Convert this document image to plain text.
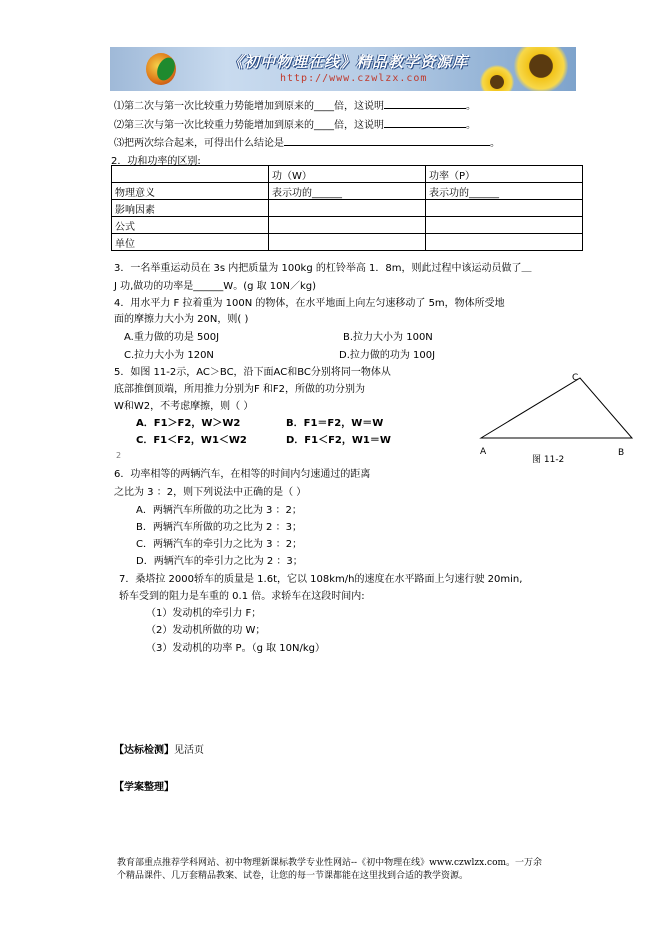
《初中物理在线》精品教学资源库
http://www.czwlzx.com
⑴第二次与第一次比较重力势能增加到原来的____倍，这说明	。
⑵第三次与第一次比较重力势能增加到原来的____倍，这说明	。
⑶把两次综合起来，可得出什么结论是	。
2．功和功率的区别:
	功（W）	功率（P）
物理意义	表示功的______	表示功的______
影响因素		
公式		
单位		
3．一名举重运动员在 3s 内把质量为 100kg 的杠铃举高 1．8m，则此过程中该运动员做了＿
J 功,做功的功率是______W。(g 取 10N／kg)
4．用水平力 F 拉着重为 100N 的物体，在水平地面上向左匀速移动了 5m，物体所受地
面的摩擦力大小为 20N，则( )
A.重力做的功是 500J	B.拉力大小为 100N
C.拉力大小为 120N	D.拉力做的功为 100J
5．如图 11-2示，AC＞BC，沿下面AC和BC分别将同一物体从
底部推倒顶端，所用推力分别为F 和F2，所做的功分别为
W和W2，不考虑摩擦，则（ ）
A．F1＞F2，W＞W2	B．F1＝F2，W＝W
C．F1＜F2，W1＜W2	D．F1＜F2，W1＝W
2	A	B
C
图 11-2
6．功率相等的两辆汽车，在相等的时间内匀速通过的距离
之比为 3 ：2，则下列说法中正确的是（ ）
A．两辆汽车所做的功之比为 3 ：2；
B．两辆汽车所做的功之比为 2 ：3；
C．两辆汽车的牵引力之比为 3 ：2；
D．两辆汽车的牵引力之比为 2 ：3；
7．桑塔拉 2000轿车的质量是 1.6t，它以 108km/h的速度在水平路面上匀速行驶 20min,
轿车受到的阻力是车重的 0.1 倍。求轿车在这段时间内:
（1）发动机的牵引力 F；
（2）发动机所做的功 W；
（3）发动机的功率 P。（g 取 10N/kg）
【达标检测】见活页
【学案整理】
教育部重点推荐学科网站、初中物理新课标教学专业性网站--《初中物理在线》www.czwlzx.com。一万余
个精品课件、几万套精品教案、试卷，让您的每一节课都能在这里找到合适的教学资源。
